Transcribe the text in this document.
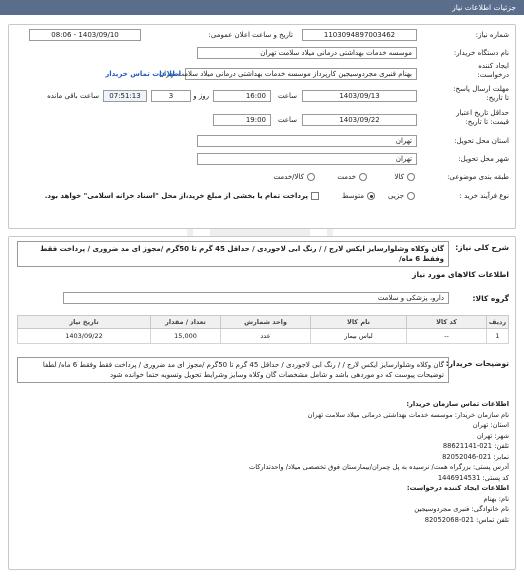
جزئیات اطلاعات نیاز
شماره نیاز:
1103094897003462
تاریخ و ساعت اعلان عمومی:
1403/09/10 - 08:06
نام دستگاه خریدار:
موسسه خدمات بهداشتی درمانی میلاد سلامت تهران
ایجاد کننده
درخواست:
بهنام فنبری مجردوسیجین کارپرداز موسسه خدمات بهداشتی درمانی میلاد سلامت تهران
اطلاعات تماس خریدار
مهلت ارسال پاسخ:
تا تاریخ:
1403/09/13
ساعت
16:00
3	روز و
07:51:13
ساعت باقی مانده
حداقل تاریخ اعتبار
قیمت: تا تاریخ:
1403/09/22
ساعت
19:00
استان محل تحویل:
تهران
شهر محل تحویل:
تهران
طبقه بندی موضوعی:
کالا
خدمت
کالا/خدمت
نوع فرآیند خرید :
جزیی
متوسط
پرداخت تمام یا بخشی از مبلغ خرید،از محل "اسناد خزانه اسلامی" خواهد بود.
شرح کلی نیاز:
گان وکلاه وشلوارسایز ایکس لارج / / رنگ ابی لاجوردی / حداقل 45 گرم تا 50گرم /مجوز ای مد ضروری / پرداخت فقط وفقط 6 ماه/
اطلاعات کالاهای مورد نیاز
گروه کالا:
دارو، پزشکی و سلامت
ردیف	کد کالا	نام کالا	واحد شمارش	تعداد / مقدار	تاریخ نیاز
1	--	لباس بیمار	عدد	15,000	1403/09/22
توضیحات خریدار:
گان وکلاه وشلوارسایز ایکس لارج / / رنگ ابی لاجوردی / حداقل 45 گرم تا 50گرم /مجوز ای مد ضروری / پرداخت فقط وفقط 6 ماه/ لطفا توضیحات پیوست که دو موردهی باشد و شامل مشخصات گان وکلاه وسایز وشرایط تحویل وتسویه حتما خوانده شود
اطلاعات تماس سازمان خریدار:
نام سازمان خریدار: موسسه خدمات بهداشتی درمانی میلاد سلامت تهران
استان: تهران
شهر: تهران
تلفن: 021-88621141
نمابر: 021-82052046
آدرس پستی: بزرگراه همت/ نرسیده به پل چمران/بیمارستان فوق تخصصی میلاد/ واحدتدارکات
کد پستی: 1446914531
اطلاعات ایجاد کننده درخواست:
نام: بهنام
نام خانوادگی: فنبری مجردوسیجین
تلفن تماس: 021-82052068
